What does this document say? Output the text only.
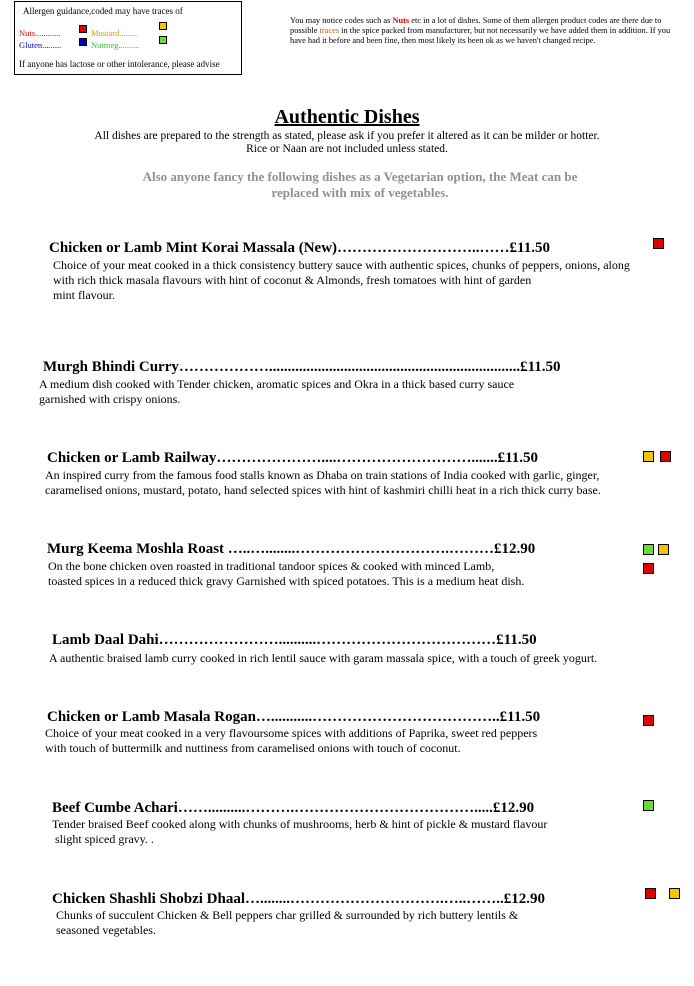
Allergen guidance,coded may have traces of
Nuts............	Mustard.........
Gluten.........	Nutmeg..........
If anyone has lactose or other intolerance, please advise
You may notice codes such as Nuts etc in a lot of dishes. Some of them allergen product codes are there due to possible traces in the spice packed from manufacturer, but not necessarily we have added them in addition. If you have had it before and been fine, then most likely its been ok as we haven't changed recipe.
Authentic Dishes
All dishes are prepared to the strength as stated, please ask if you prefer it altered as it can be milder or hotter.
Rice or Naan are not included unless stated.
Also anyone fancy the following dishes as a Vegetarian option, the Meat can be
replaced with mix of vegetables.
Chicken or Lamb Mint Korai Massala (New)………………………..……£11.50
Choice of your meat cooked in a thick consistency buttery sauce with authentic spices, chunks of peppers, onions, along
with rich thick masala flavours with hint of coconut & Almonds, fresh tomatoes with hint of garden
mint flavour.
Murgh Bhindi Curry………………...................................................................£11.50
A medium dish cooked with Tender chicken, aromatic spices and Okra in a thick based curry sauce
garnished with crispy onions.
Chicken or Lamb Railway…………………....……………………….......£11.50
An inspired curry from the famous food stalls known as Dhaba on train stations of India cooked with garlic, ginger,
caramelised onions, mustard, potato, hand selected spices with hint of kashmiri chilli heat in a rich thick curry base.
Murg Keema Moshla Roast …..…........………………………….………£12.90
On the bone chicken oven roasted in traditional tandoor spices & cooked with minced Lamb,
toasted spices in a reduced thick gravy Garnished with spiced potatoes. This is a medium heat dish.
Lamb Daal Dahi……………………..........………………………………£11.50
A authentic braised lamb curry cooked in rich lentil sauce with garam massala spice, with a touch of greek yogurt.
Chicken or Lamb Masala Rogan…...........………………………………..£11.50
Choice of your meat cooked in a very flavoursome spices with additions of Paprika, sweet red peppers
with touch of buttermilk and nuttiness from caramelised onions with touch of coconut.
Beef Cumbe Achari……..........……….……………………………….....£12.90
Tender braised Beef cooked along with chunks of mushrooms, herb & hint of pickle & mustard flavour
slight spiced gravy. .
Chicken Shashli Shobzi Dhaal…........………………………….…..……..£12.90
Chunks of succulent Chicken & Bell peppers char grilled & surrounded by rich buttery lentils &
seasoned vegetables.
